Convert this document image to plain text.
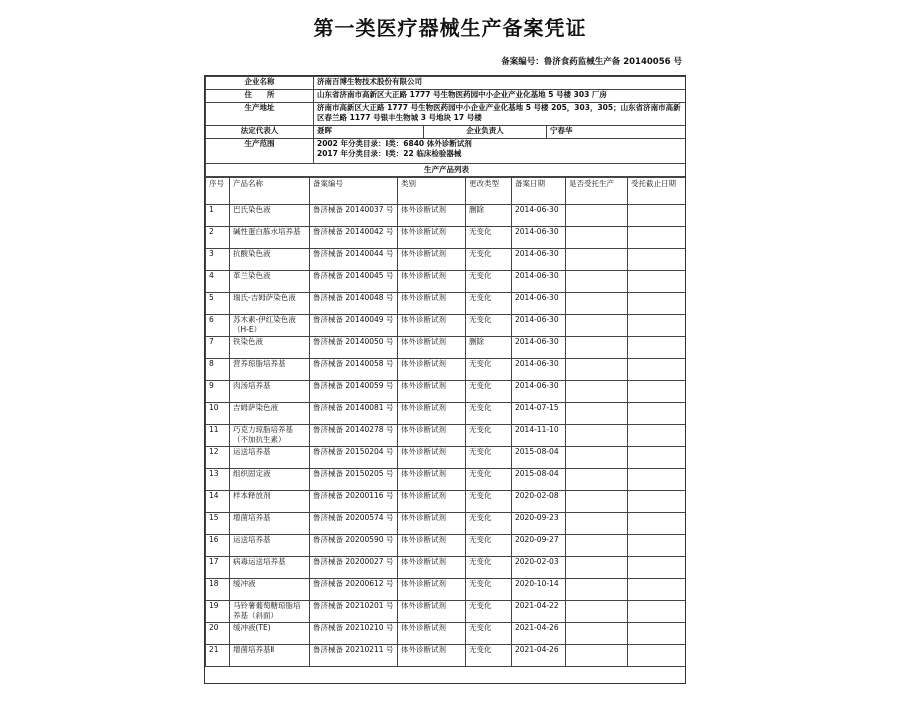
第一类医疗器械生产备案凭证
备案编号：鲁济食药监械生产备 20140056 号
企业名称	济南百博生物技术股份有限公司		
住　　所	山东省济南市高新区大正路 1777 号生物医药园中小企业产业化基地 5 号楼 303 厂房		
生产地址	济南市高新区大正路 1777 号生物医药园中小企业产业化基地 5 号楼 205，303，305；山东省济南市高新区春兰路 1177 号银丰生物城 3 号地块 17 号楼		
法定代表人	聂晖	企业负责人	宁春华
生产范围	2002 年分类目录：Ⅰ类：6840 体外诊断试剂
2017 年分类目录：Ⅰ类：22 临床检验器械		

生产产品列表			
序号	产品名称	备案编号	类别	更改类型	备案日期	是否受托生产	受托截止日期
1	巴氏染色液	鲁济械备 20140037 号	体外诊断试剂	删除	2014-06-30		
2	碱性蛋白胨水培养基	鲁济械备 20140042 号	体外诊断试剂	无变化	2014-06-30		
3	抗酸染色液	鲁济械备 20140044 号	体外诊断试剂	无变化	2014-06-30		
4	革兰染色液	鲁济械备 20140045 号	体外诊断试剂	无变化	2014-06-30		
5	瑞氏-吉姆萨染色液	鲁济械备 20140048 号	体外诊断试剂	无变化	2014-06-30		
6	苏木素-伊红染色液（H-E）	鲁济械备 20140049 号	体外诊断试剂	无变化	2014-06-30		
7	铁染色液	鲁济械备 20140050 号	体外诊断试剂	删除	2014-06-30		
8	营养琼脂培养基	鲁济械备 20140058 号	体外诊断试剂	无变化	2014-06-30		
9	肉汤培养基	鲁济械备 20140059 号	体外诊断试剂	无变化	2014-06-30		
10	吉姆萨染色液	鲁济械备 20140081 号	体外诊断试剂	无变化	2014-07-15		
11	巧克力琼脂培养基（不加抗生素）	鲁济械备 20140278 号	体外诊断试剂	无变化	2014-11-10		
12	运送培养基	鲁济械备 20150204 号	体外诊断试剂	无变化	2015-08-04		
13	组织固定液	鲁济械备 20150205 号	体外诊断试剂	无变化	2015-08-04		
14	样本释放剂	鲁济械备 20200116 号	体外诊断试剂	无变化	2020-02-08		
15	增菌培养基	鲁济械备 20200574 号	体外诊断试剂	无变化	2020-09-23		
16	运送培养基	鲁济械备 20200590 号	体外诊断试剂	无变化	2020-09-27		
17	病毒运送培养基	鲁济械备 20200027 号	体外诊断试剂	无变化	2020-02-03		
18	缓冲液	鲁济械备 20200612 号	体外诊断试剂	无变化	2020-10-14		
19	马铃薯葡萄糖琼脂培养基（斜面）	鲁济械备 20210201 号	体外诊断试剂	无变化	2021-04-22		
20	缓冲液(TE)	鲁济械备 20210210 号	体外诊断试剂	无变化	2021-04-26		
21	增菌培养基Ⅱ	鲁济械备 20210211 号	体外诊断试剂	无变化	2021-04-26		
